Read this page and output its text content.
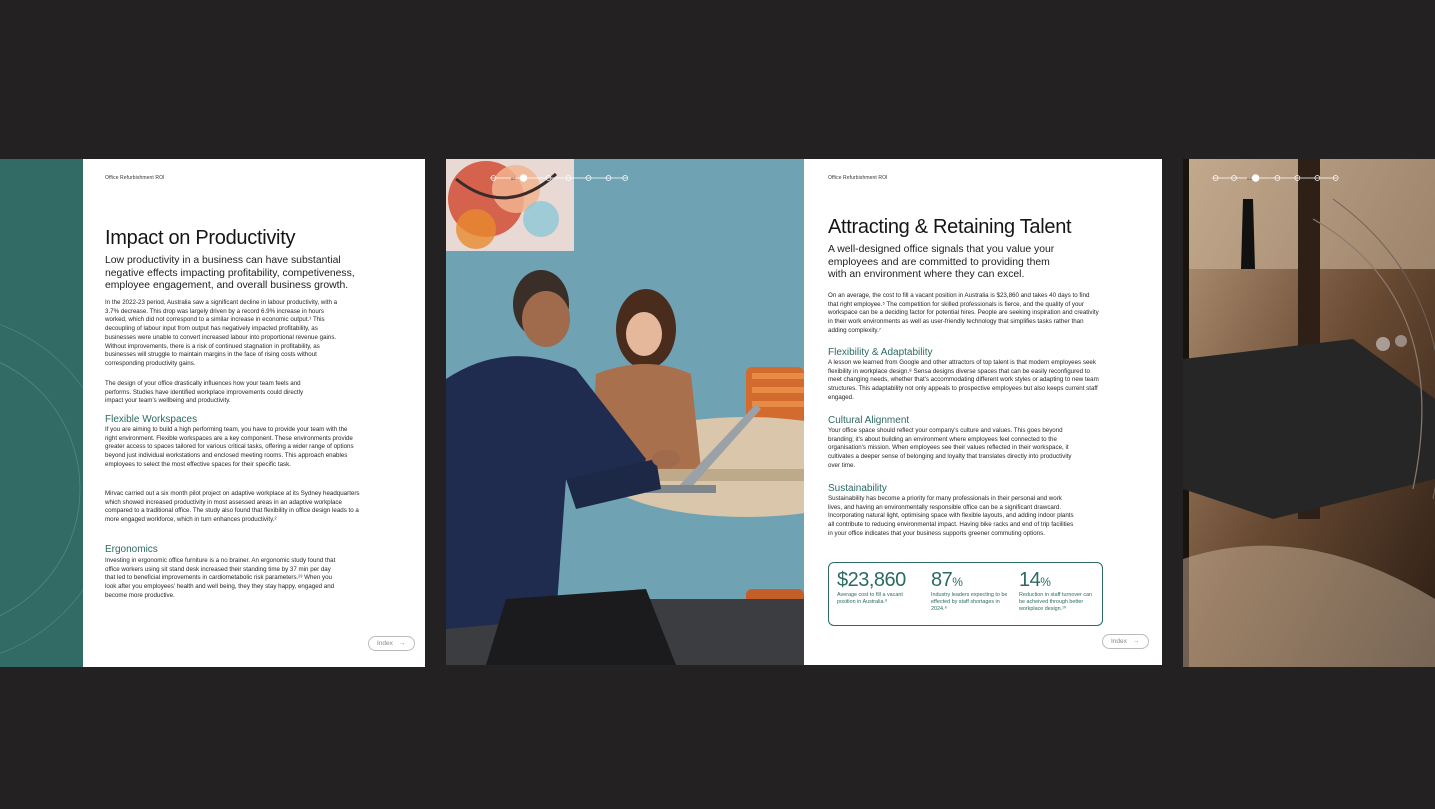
Office Refurbishment ROI
Impact on Productivity
Low productivity in a business can have substantial negative effects impacting profitability, competiveness, employee engagement, and overall business growth.
In the 2022-23 period, Australia saw a significant decline in labour productivity, with a 3.7% decrease. This drop was largely driven by a record 6.9% increase in hours worked, which did not correspond to a similar increase in economic output.¹ This decoupling of labour input from output has negatively impacted profitability, as businesses were unable to convert increased labour into proportional revenue gains. Without improvements, there is a risk of continued stagnation in profitability, as businesses will struggle to maintain margins in the face of rising costs without corresponding productivity gains.
The design of your office drastically influences how your team feels and performs. Studies have identified workplace improvements could directly impact your team's wellbeing and productivity.
Flexible Workspaces
If you are aiming to build a high performing team, you have to provide your team with the right environment. Flexible workspaces are a key component. These environments provide greater access to spaces tailored for various critical tasks, offering a wider range of options beyond just individual workstations and enclosed meeting rooms. This approach enables employees to select the most effective spaces for their specific task.
Mirvac carried out a six month pilot project on adaptive workplace at its Sydney headquarters which showed increased productivity in most assessed areas in an adaptive workplace compared to a traditional office. The study also found that flexibility in office design leads to a more engaged workforce, which in turn enhances productivity.²
Ergonomics
Investing in ergonomic office furniture is a no brainer. An ergonomic study found that office workers using sit stand desk increased their standing time by 37 min per day that led to beneficial improvements in cardiometabolic risk parameters.²³ When you look after you employees' health and well being, they they stay happy, engaged and become more productive.
Index →
02	Office Refurbishment ROI
Attracting & Retaining Talent
A well-designed office signals that you value your employees and are committed to providing them with an environment where they can excel.
On an average, the cost to fill a vacant position in Australia is $23,860 and takes 40 days to find that right employee.⁵ The competition for skilled professionals is fierce, and the quality of your workspace can be a deciding factor for potential hires. People are seeking inspiration and creativity in their work environments as well as user-friendly technology that simplifies tasks rather than adding complexity.⁷
Flexibility & Adaptability
A lesson we learned from Google and other attractors of top talent is that modern employees seek flexibility in workplace design.⁸ Sensa designs diverse spaces that can be easily reconfigured to meet changing needs, whether that's accommodating different work styles or adapting to new team structures. This adaptability not only appeals to prospective employees but also keeps current staff engaged.
Cultural Alignment
Your office space should reflect your company's culture and values. This goes beyond branding; it's about building an environment where employees feel connected to the organisation's mission. When employees see their values reflected in their workspace, it cultivates a deeper sense of belonging and loyalty that translates directly into productivity over time.
Sustainability
Sustainability has become a priority for many professionals in their personal and work lives, and having an environmentally responsible office can be a significant drawcard. Incorporating natural light, optimising space with flexible layouts, and adding indoor plants all contribute to reducing environmental impact. Having bike racks and end of trip facilities in your office indicates that your business supports greener commuting options.
$23,860
Average cost to fill a vacant position in Australia.⁸
87%
Industry leaders expecting to be effected by staff shortages in 2024.⁸
14%
Reduction in staff turnover can be acheived through better workplace design.¹⁰
Index →
03
